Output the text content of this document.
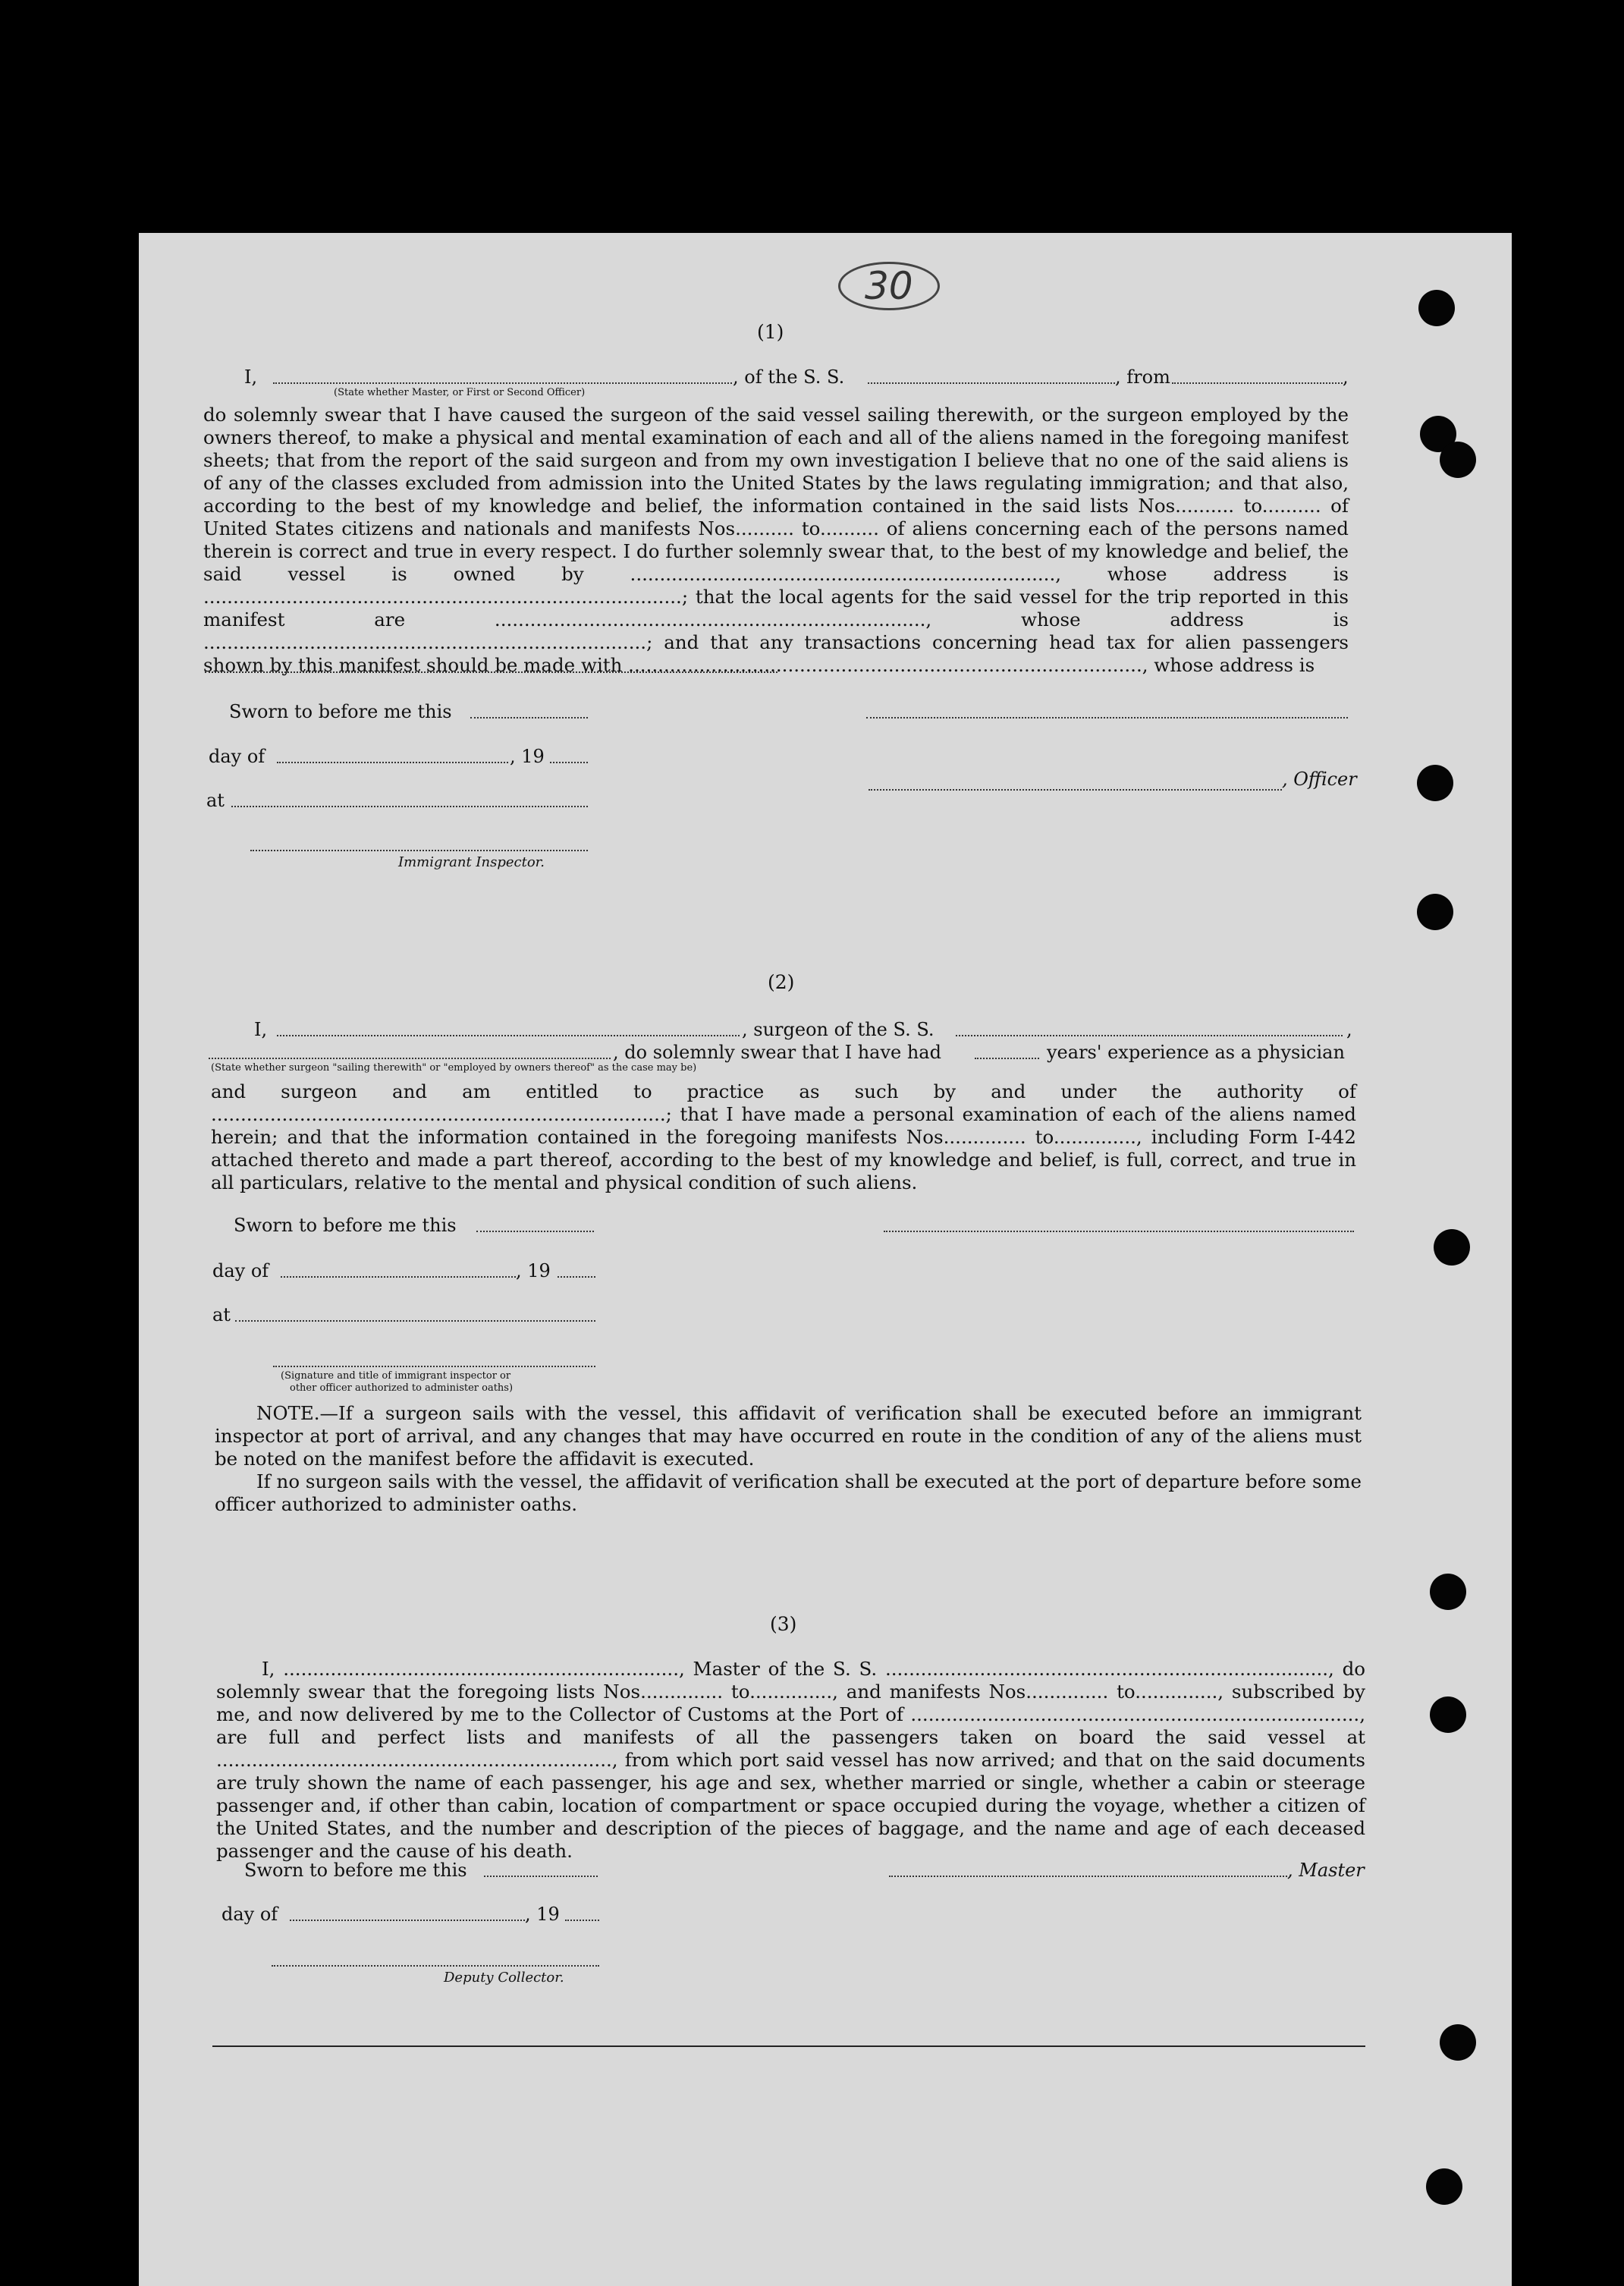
30
(1)
I,	, of the S. S.	, from	,
(State whether Master, or First or Second Officer)

do solemnly swear that I have caused the surgeon of the said vessel sailing therewith, or the surgeon employed by the owners thereof, to make a physical and mental examination of each and all of the aliens named in the foregoing manifest sheets; that from the report of the said surgeon and from my own investigation I believe that no one of the said aliens is of any of the classes excluded from admission into the United States by the laws regulating immigration; and that also, according to the best of my knowledge and belief, the information contained in the said lists Nos.......... to.......... of United States citizens and nationals and manifests Nos.......... to.......... of aliens concerning each of the persons named therein is correct and true in every respect. I do further solemnly swear that, to the best of my knowledge and belief, the said vessel is owned by ........................................................................, whose address is .................................................................................; that the local agents for the said vessel for the trip reported in this manifest are ........................................................................., whose address is ...........................................................................; and that any transactions concerning head tax for alien passengers shown by this manifest should be made with ......................................................................................., whose address is

Sworn to before me this
day of	, 19
, Officer
at
Immigrant Inspector.
(2)
I,	, surgeon of the S. S.	,
, do solemnly swear that I have had	years' experience as a physician
(State whether surgeon "sailing therewith" or "employed by owners thereof" as the case may be)

and surgeon and am entitled to practice as such by and under the authority of .............................................................................; that I have made a personal examination of each of the aliens named herein; and that the information contained in the foregoing manifests Nos.............. to.............., including Form I-442 attached thereto and made a part thereof, according to the best of my knowledge and belief, is full, correct, and true in all particulars, relative to the mental and physical condition of such aliens.

Sworn to before me this
day of	, 19
at
(Signature and title of immigrant inspector or
other officer authorized to administer oaths)

NOTE.—If a surgeon sails with the vessel, this affidavit of verification shall be executed before an immigrant inspector at port of arrival, and any changes that may have occurred en route in the condition of any of the aliens must be noted on the manifest before the affidavit is executed.

If no surgeon sails with the vessel, the affidavit of verification shall be executed at the port of departure before some officer authorized to administer oaths.

(3)

I, ..................................................................., Master of the S. S. ..........................................................................., do solemnly swear that the foregoing lists Nos.............. to.............., and manifests Nos.............. to.............., subscribed by me, and now delivered by me to the Collector of Customs at the Port of ............................................................................, are full and perfect lists and manifests of all the passengers taken on board the said vessel at ..................................................................., from which port said vessel has now arrived; and that on the said documents are truly shown the name of each passenger, his age and sex, whether married or single, whether a cabin or steerage passenger and, if other than cabin, location of compartment or space occupied during the voyage, whether a citizen of the United States, and the number and description of the pieces of baggage, and the name and age of each deceased passenger and the cause of his death.

Sworn to before me this	, Master
day of	, 19
Deputy Collector.
